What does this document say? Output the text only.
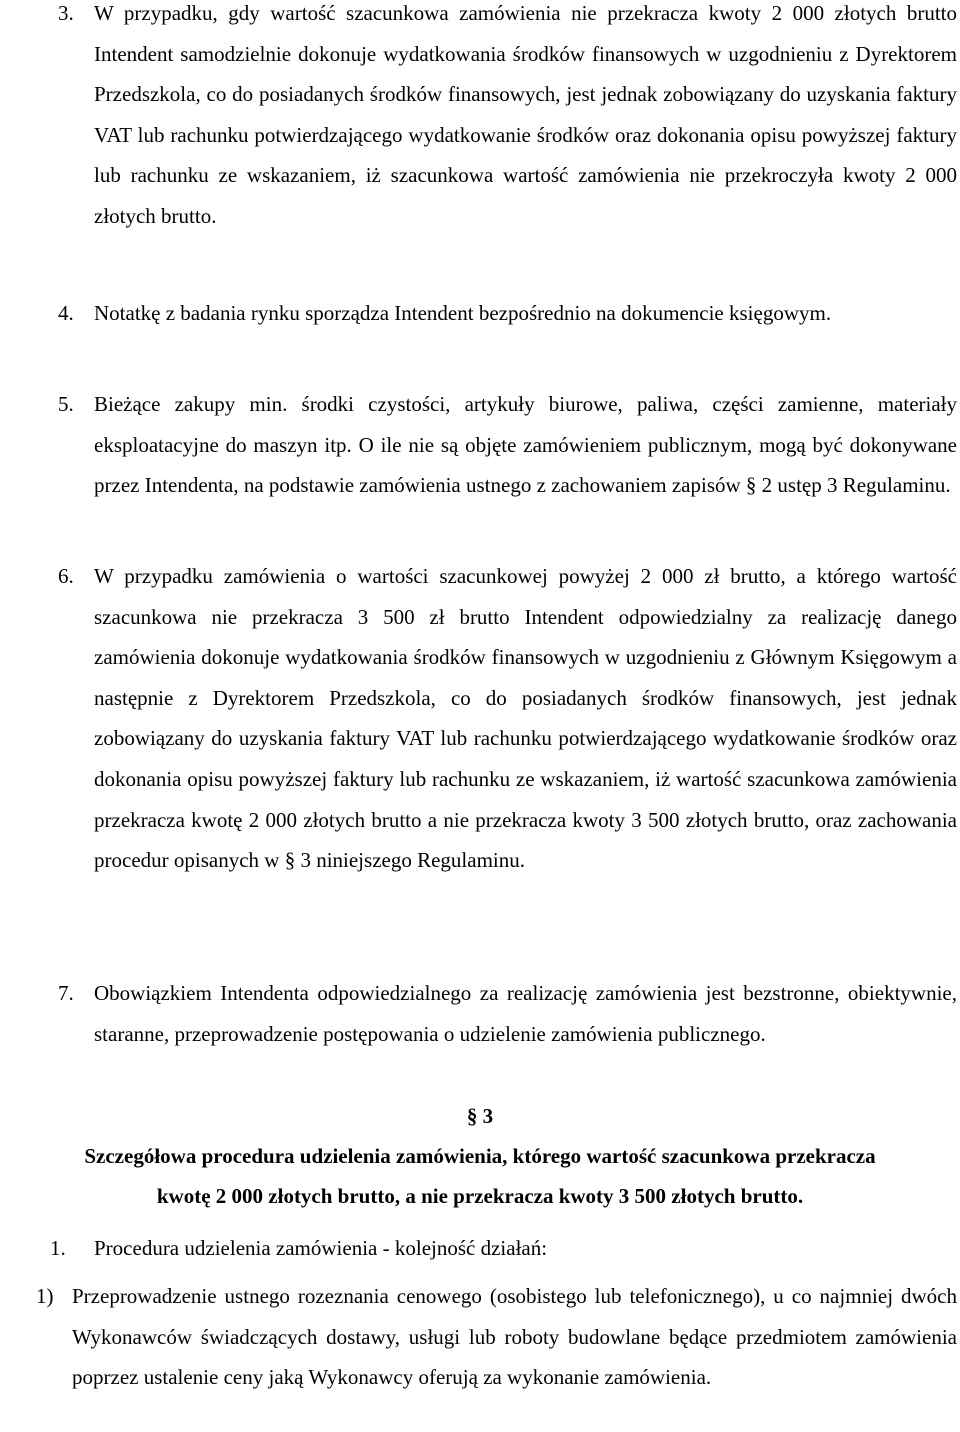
3. W przypadku, gdy wartość szacunkowa zamówienia nie przekracza kwoty 2 000 złotych brutto Intendent samodzielnie dokonuje wydatkowania środków finansowych w uzgodnieniu z Dyrektorem Przedszkola, co do posiadanych środków finansowych, jest jednak zobowiązany do uzyskania faktury VAT lub rachunku potwierdzającego wydatkowanie środków oraz dokonania opisu powyższej faktury lub rachunku ze wskazaniem, iż szacunkowa wartość zamówienia nie przekroczyła kwoty 2 000 złotych brutto.

4. Notatkę z badania rynku sporządza Intendent bezpośrednio na dokumencie księgowym.

5. Bieżące zakupy min. środki czystości, artykuły biurowe, paliwa, części zamienne, materiały eksploatacyjne do maszyn itp. O ile nie są objęte zamówieniem publicznym, mogą być dokonywane przez Intendenta, na podstawie zamówienia ustnego z zachowaniem zapisów § 2 ustęp 3 Regulaminu.

6. W przypadku zamówienia o wartości szacunkowej powyżej 2 000 zł brutto, a którego wartość szacunkowa nie przekracza 3 500 zł brutto Intendent odpowiedzialny za realizację danego zamówienia dokonuje wydatkowania środków finansowych w uzgodnieniu z Głównym Księgowym a następnie z Dyrektorem Przedszkola, co do posiadanych środków finansowych, jest jednak zobowiązany do uzyskania faktury VAT lub rachunku potwierdzającego wydatkowanie środków oraz dokonania opisu powyższej faktury lub rachunku ze wskazaniem, iż wartość szacunkowa zamówienia przekracza kwotę 2 000 złotych brutto a nie przekracza kwoty 3 500 złotych brutto, oraz zachowania procedur opisanych w § 3 niniejszego Regulaminu.

7. Obowiązkiem Intendenta odpowiedzialnego za realizację zamówienia jest bezstronne, obiektywnie, staranne, przeprowadzenie postępowania o udzielenie zamówienia publicznego.

§ 3
Szczegółowa procedura udzielenia zamówienia, którego wartość szacunkowa przekracza
kwotę 2 000 złotych brutto, a nie przekracza kwoty 3 500 złotych brutto.
1. Procedura udzielenia zamówienia - kolejność działań:

1) Przeprowadzenie ustnego rozeznania cenowego (osobistego lub telefonicznego), u co najmniej dwóch Wykonawców świadczących dostawy, usługi lub roboty budowlane będące przedmiotem zamówienia poprzez ustalenie ceny jaką Wykonawcy oferują za wykonanie zamówienia.
